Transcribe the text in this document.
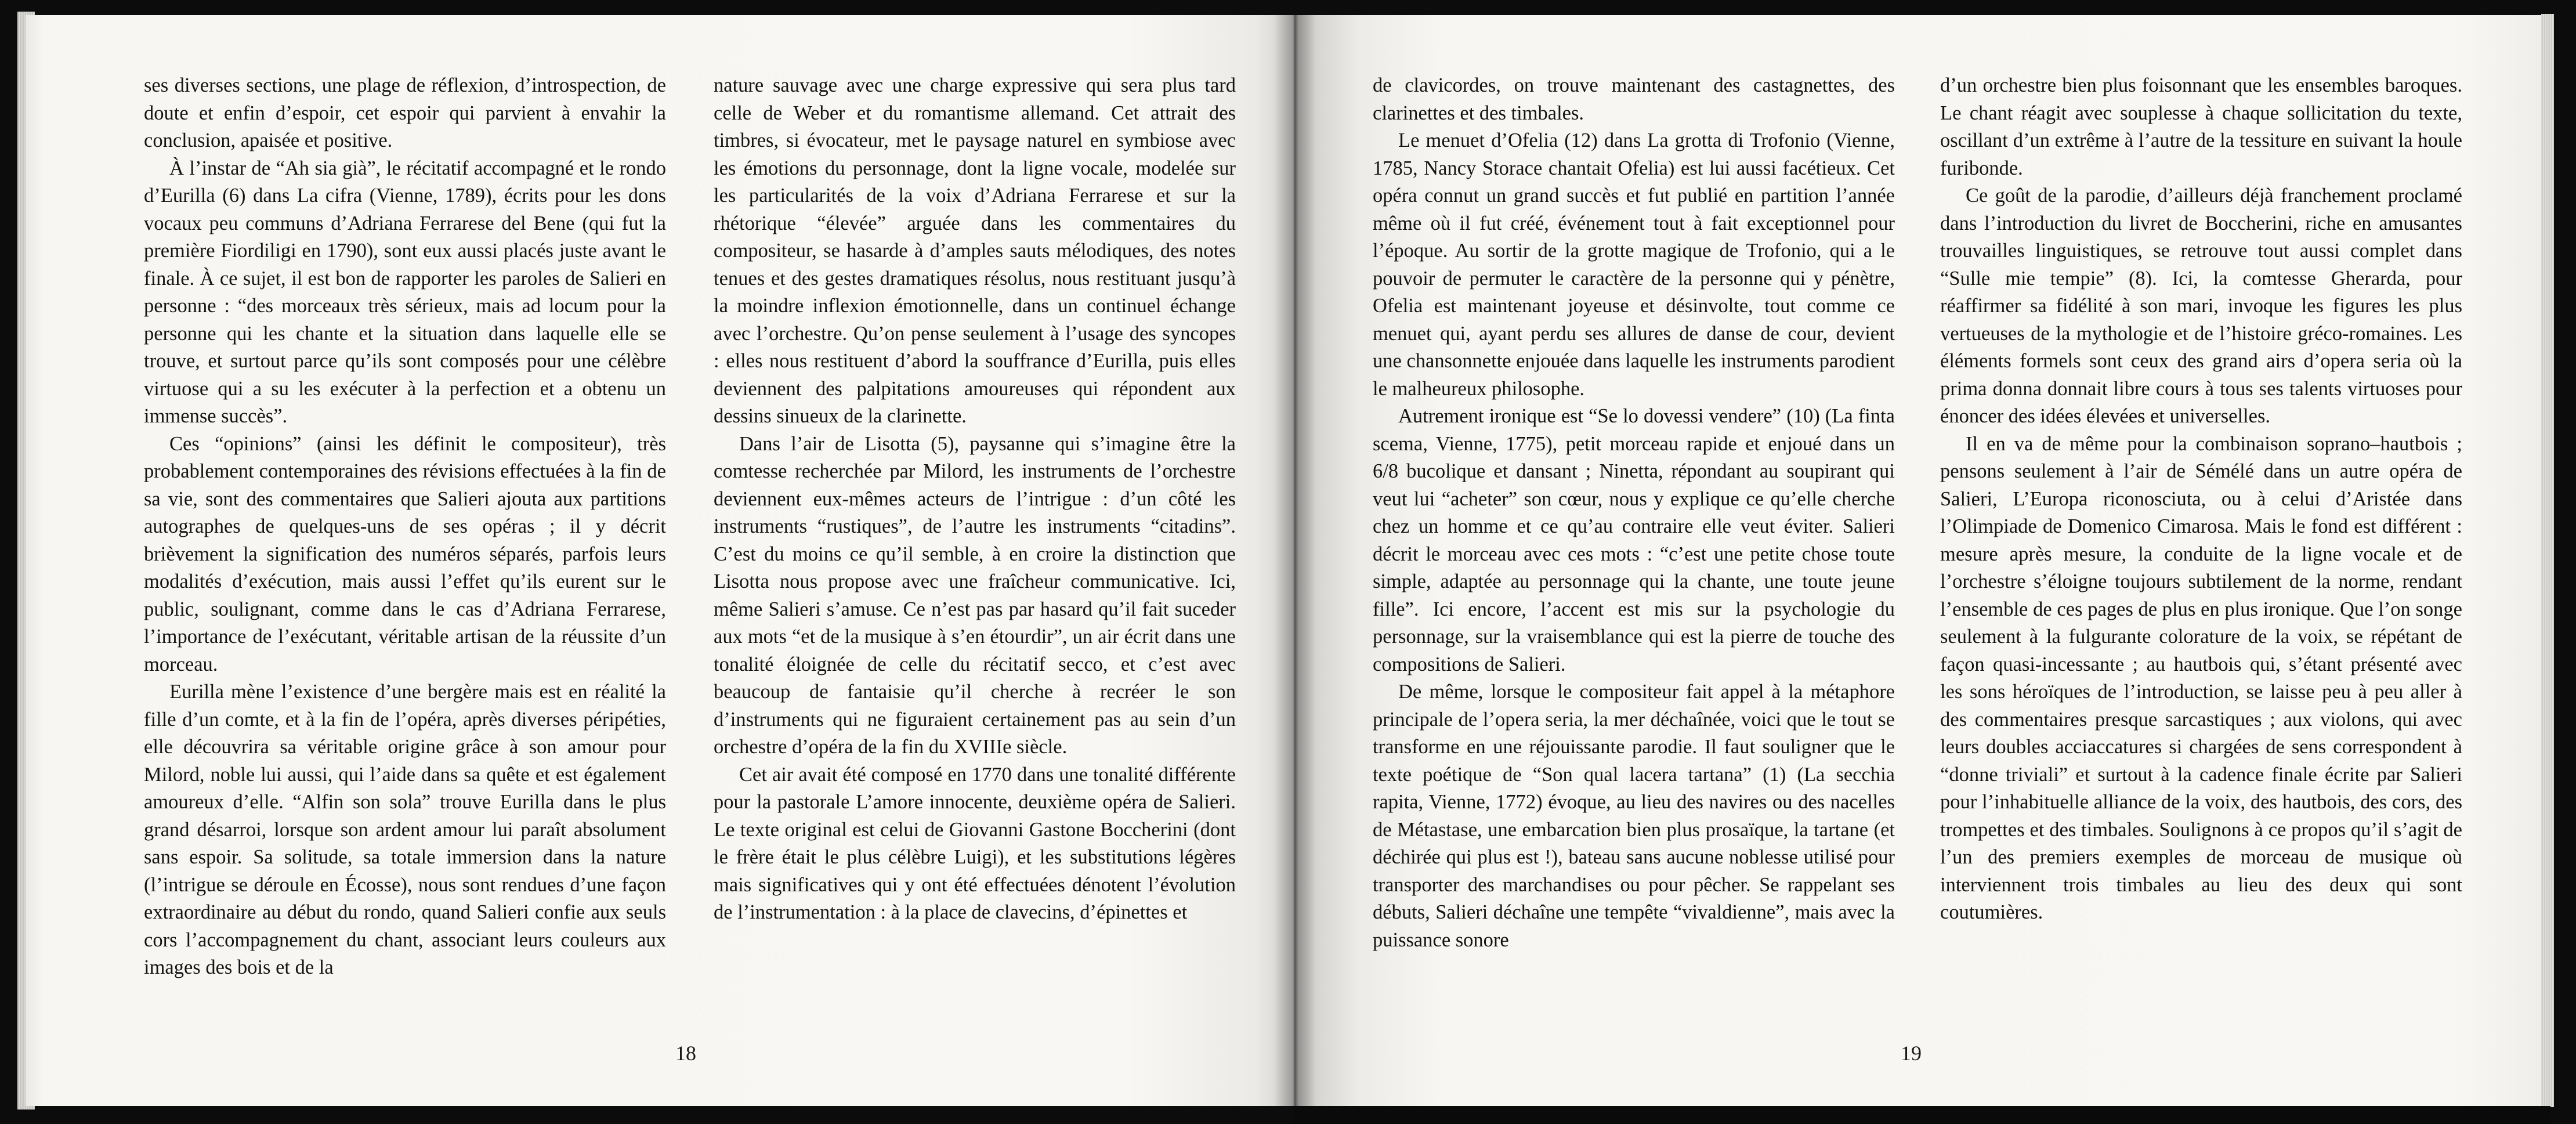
ses diverses sections, une plage de réflexion, d’introspection, de doute et enfin d’espoir, cet espoir qui parvient à envahir la conclusion, apaisée et positive.

À l’instar de “Ah sia già”, le récitatif accompagné et le rondo d’Eurilla (6) dans La cifra (Vienne, 1789), écrits pour les dons vocaux peu communs d’Adriana Ferrarese del Bene (qui fut la première Fiordiligi en 1790), sont eux aussi placés juste avant le finale. À ce sujet, il est bon de rapporter les paroles de Salieri en personne : “des morceaux très sérieux, mais ad locum pour la personne qui les chante et la situation dans laquelle elle se trouve, et surtout parce qu’ils sont composés pour une célèbre virtuose qui a su les exécuter à la perfection et a obtenu un immense succès”.

Ces “opinions” (ainsi les définit le compositeur), très probablement contemporaines des révisions effectuées à la fin de sa vie, sont des commentaires que Salieri ajouta aux partitions autographes de quelques-uns de ses opéras ; il y décrit brièvement la signification des numéros séparés, parfois leurs modalités d’exécution, mais aussi l’effet qu’ils eurent sur le public, soulignant, comme dans le cas d’Adriana Ferrarese, l’importance de l’exécutant, véritable artisan de la réussite d’un morceau.

Eurilla mène l’existence d’une bergère mais est en réalité la fille d’un comte, et à la fin de l’opéra, après diverses péripéties, elle découvrira sa véritable origine grâce à son amour pour Milord, noble lui aussi, qui l’aide dans sa quête et est également amoureux d’elle. “Alfin son sola” trouve Eurilla dans le plus grand désarroi, lorsque son ardent amour lui paraît absolument sans espoir. Sa solitude, sa totale immersion dans la nature (l’intrigue se déroule en Écosse), nous sont rendues d’une façon extraordinaire au début du rondo, quand Salieri confie aux seuls cors l’accompagnement du chant, associant leurs couleurs aux images des bois et de la

nature sauvage avec une charge expressive qui sera plus tard celle de Weber et du romantisme allemand. Cet attrait des timbres, si évocateur, met le paysage naturel en symbiose avec les émotions du personnage, dont la ligne vocale, modelée sur les particularités de la voix d’Adriana Ferrarese et sur la rhétorique “élevée” arguée dans les commentaires du compositeur, se hasarde à d’amples sauts mélodiques, des notes tenues et des gestes dramatiques résolus, nous restituant jusqu’à la moindre inflexion émotionnelle, dans un continuel échange avec l’orchestre. Qu’on pense seulement à l’usage des syncopes : elles nous restituent d’abord la souffrance d’Eurilla, puis elles deviennent des palpitations amoureuses qui répondent aux dessins sinueux de la clarinette.

Dans l’air de Lisotta (5), paysanne qui s’imagine être la comtesse recherchée par Milord, les instruments de l’orchestre deviennent eux-mêmes acteurs de l’intrigue : d’un côté les instruments “rustiques”, de l’autre les instruments “citadins”. C’est du moins ce qu’il semble, à en croire la distinction que Lisotta nous propose avec une fraîcheur communicative. Ici, même Salieri s’amuse. Ce n’est pas par hasard qu’il fait suceder aux mots “et de la musique à s’en étourdir”, un air écrit dans une tonalité éloignée de celle du récitatif secco, et c’est avec beaucoup de fantaisie qu’il cherche à recréer le son d’instruments qui ne figuraient certainement pas au sein d’un orchestre d’opéra de la fin du XVIIIe siècle.

Cet air avait été composé en 1770 dans une tonalité différente pour la pastorale L’amore innocente, deuxième opéra de Salieri. Le texte original est celui de Giovanni Gastone Boccherini (dont le frère était le plus célèbre Luigi), et les substitutions légères mais significatives qui y ont été effectuées dénotent l’évolution de l’instrumentation : à la place de clavecins, d’épinettes et

18

de clavicordes, on trouve maintenant des castagnettes, des clarinettes et des timbales.

Le menuet d’Ofelia (12) dans La grotta di Trofonio (Vienne, 1785, Nancy Storace chantait Ofelia) est lui aussi facétieux. Cet opéra connut un grand succès et fut publié en partition l’année même où il fut créé, événement tout à fait exceptionnel pour l’époque. Au sortir de la grotte magique de Trofonio, qui a le pouvoir de permuter le caractère de la personne qui y pénètre, Ofelia est maintenant joyeuse et désinvolte, tout comme ce menuet qui, ayant perdu ses allures de danse de cour, devient une chansonnette enjouée dans laquelle les instruments parodient le malheureux philosophe.

Autrement ironique est “Se lo dovessi vendere” (10) (La finta scema, Vienne, 1775), petit morceau rapide et enjoué dans un 6/8 bucolique et dansant ; Ninetta, répondant au soupirant qui veut lui “acheter” son cœur, nous y explique ce qu’elle cherche chez un homme et ce qu’au contraire elle veut éviter. Salieri décrit le morceau avec ces mots : “c’est une petite chose toute simple, adaptée au personnage qui la chante, une toute jeune fille”. Ici encore, l’accent est mis sur la psychologie du personnage, sur la vraisemblance qui est la pierre de touche des compositions de Salieri.

De même, lorsque le compositeur fait appel à la métaphore principale de l’opera seria, la mer déchaînée, voici que le tout se transforme en une réjouissante parodie. Il faut souligner que le texte poétique de “Son qual lacera tartana” (1) (La secchia rapita, Vienne, 1772) évoque, au lieu des navires ou des nacelles de Métastase, une embarcation bien plus prosaïque, la tartane (et déchirée qui plus est !), bateau sans aucune noblesse utilisé pour transporter des marchandises ou pour pêcher. Se rappelant ses débuts, Salieri déchaîne une tempête “vivaldienne”, mais avec la puissance sonore

d’un orchestre bien plus foisonnant que les ensembles baroques. Le chant réagit avec souplesse à chaque sollicitation du texte, oscillant d’un extrême à l’autre de la tessiture en suivant la houle furibonde.

Ce goût de la parodie, d’ailleurs déjà franchement proclamé dans l’introduction du livret de Boccherini, riche en amusantes trouvailles linguistiques, se retrouve tout aussi complet dans “Sulle mie tempie” (8). Ici, la comtesse Gherarda, pour réaffirmer sa fidélité à son mari, invoque les figures les plus vertueuses de la mythologie et de l’histoire gréco-romaines. Les éléments formels sont ceux des grand airs d’opera seria où la prima donna donnait libre cours à tous ses talents virtuoses pour énoncer des idées élevées et universelles.

Il en va de même pour la combinaison soprano–hautbois ; pensons seulement à l’air de Sémélé dans un autre opéra de Salieri, L’Europa riconosciuta, ou à celui d’Aristée dans l’Olimpiade de Domenico Cimarosa. Mais le fond est différent : mesure après mesure, la conduite de la ligne vocale et de l’orchestre s’éloigne toujours subtilement de la norme, rendant l’ensemble de ces pages de plus en plus ironique. Que l’on songe seulement à la fulgurante colorature de la voix, se répétant de façon quasi-incessante ; au hautbois qui, s’étant présenté avec les sons héroïques de l’introduction, se laisse peu à peu aller à des commentaires presque sarcastiques ; aux violons, qui avec leurs doubles acciaccatures si chargées de sens correspondent à “donne triviali” et surtout à la cadence finale écrite par Salieri pour l’inhabituelle alliance de la voix, des hautbois, des cors, des trompettes et des timbales. Soulignons à ce propos qu’il s’agit de l’un des premiers exemples de morceau de musique où interviennent trois timbales au lieu des deux qui sont coutumières.

19
